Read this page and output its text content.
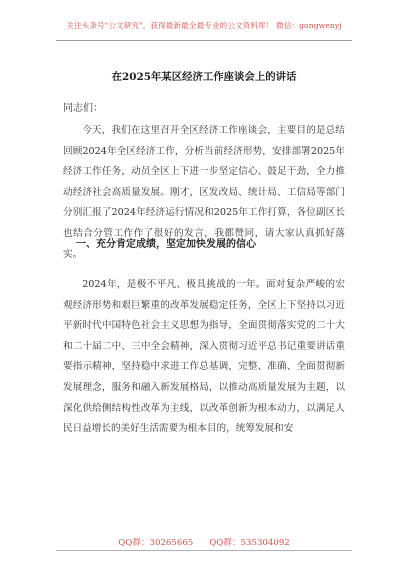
关注头条号"公文研究"，获得最新最全最专业的公文资料库！ 微信：gongwenyj
在2025年某区经济工作座谈会上的讲话
同志们：

今天，我们在这里召开全区经济工作座谈会，主要目的是总结回顾2024年全区经济工作，分析当前经济形势，安排部署2025年经济工作任务，动员全区上下进一步坚定信心、鼓足干劲，全力推动经济社会高质量发展。刚才，区发改局、统计局、工信局等部门分别汇报了2024年经济运行情况和2025年工作打算，各位副区长也结合分管工作作了很好的发言，我都赞同，请大家认真抓好落实。

一、充分肯定成绩，坚定加快发展的信心

2024年，是极不平凡、极具挑战的一年。面对复杂严峻的宏观经济形势和艰巨繁重的改革发展稳定任务，全区上下坚持以习近平新时代中国特色社会主义思想为指导，全面贯彻落实党的二十大和二十届二中、三中全会精神，深入贯彻习近平总书记重要讲话重要指示精神，坚持稳中求进工作总基调，完整、准确、全面贯彻新发展理念，服务和融入新发展格局，以推动高质量发展为主题，以深化供给侧结构性改革为主线，以改革创新为根本动力，以满足人民日益增长的美好生活需要为根本目的，统筹发展和安

QQ群：30265665 QQ群：535304092
